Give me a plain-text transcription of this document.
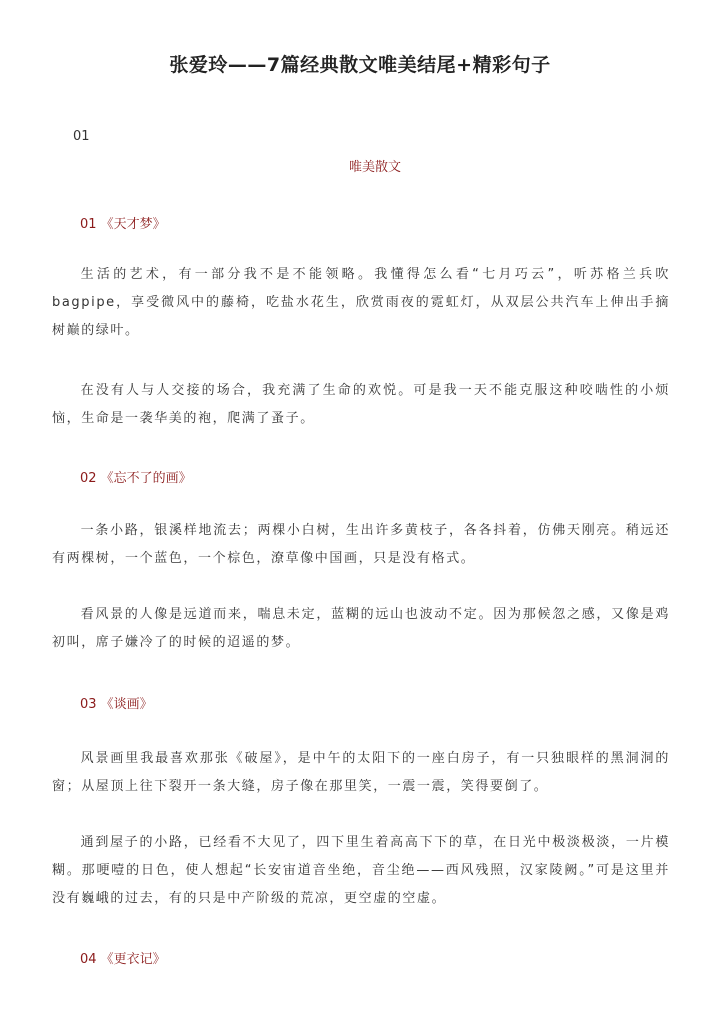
张爱玲——7篇经典散文唯美结尾+精彩句子
01
唯美散文
01 《天才梦》

生活的艺术，有一部分我不是不能领略。我懂得怎么看“七月巧云”，听苏格兰兵吹bagpipe，享受微风中的藤椅，吃盐水花生，欣赏雨夜的霓虹灯，从双层公共汽车上伸出手摘树巅的绿叶。

在没有人与人交接的场合，我充满了生命的欢悦。可是我一天不能克服这种咬啮性的小烦恼，生命是一袭华美的袍，爬满了蚤子。

02 《忘不了的画》

一条小路，银溪样地流去；两棵小白树，生出许多黄枝子，各各抖着，仿佛天刚亮。稍远还有两棵树，一个蓝色，一个棕色，潦草像中国画，只是没有格式。

看风景的人像是远道而来，喘息未定，蓝糊的远山也波动不定。因为那候忽之感，又像是鸡初叫，席子嫌冷了的时候的迢遥的梦。

03 《谈画》

风景画里我最喜欢那张《破屋》，是中午的太阳下的一座白房子，有一只独眼样的黑洞洞的窗；从屋顶上往下裂开一条大缝，房子像在那里笑，一震一震，笑得要倒了。

通到屋子的小路，已经看不大见了，四下里生着高高下下的草，在日光中极淡极淡，一片模糊。那哽噎的日色，使人想起“长安宙道音坐绝，音尘绝——西风残照，汉家陵阙。”可是这里并没有巍峨的过去，有的只是中产阶级的荒凉，更空虚的空虚。

04 《更衣记》
